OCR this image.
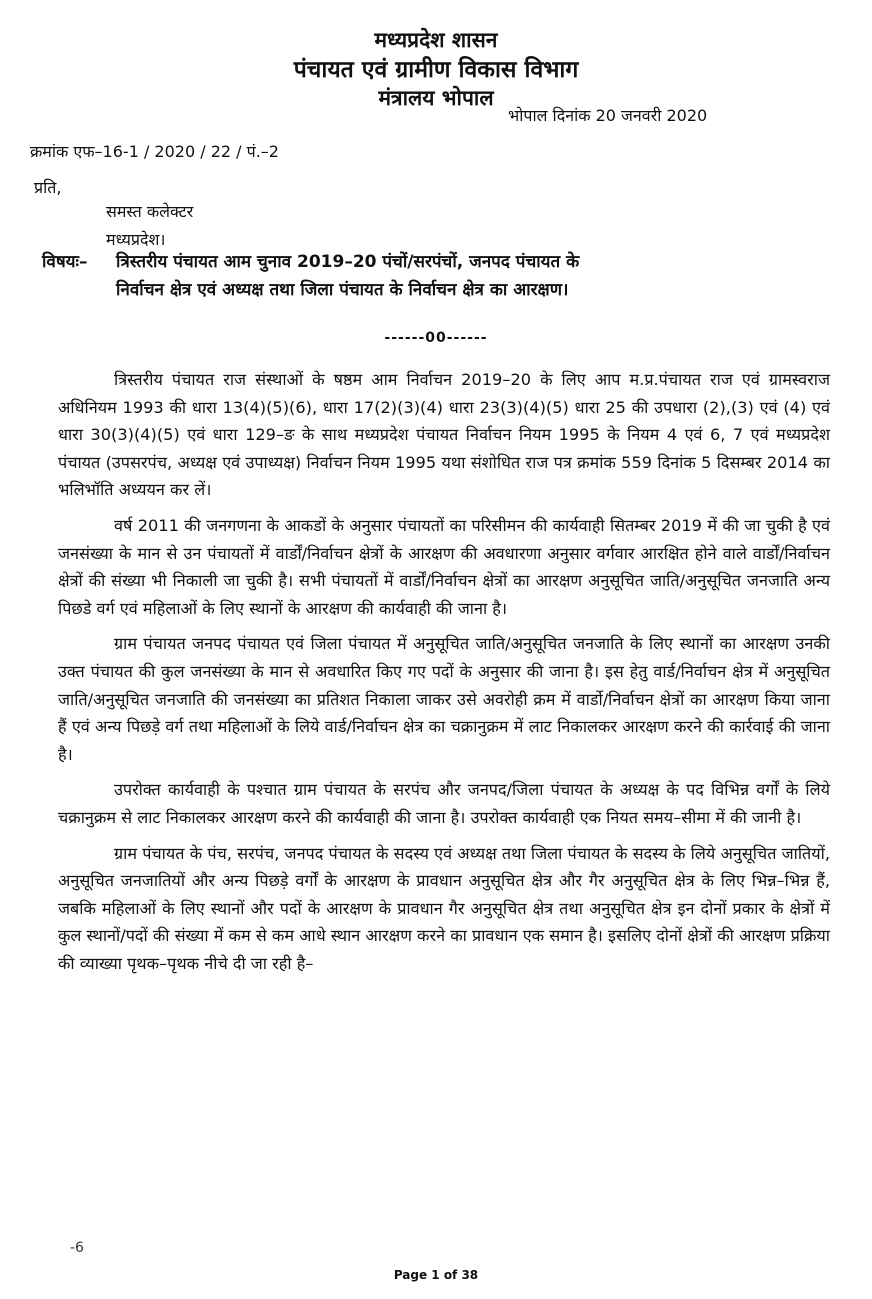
मध्यप्रदेश शासन
पंचायत एवं ग्रामीण विकास विभाग
मंत्रालय भोपाल
भोपाल दिनांक 20 जनवरी 2020
क्रमांक एफ–16-1 / 2020 / 22 / पं.–2
प्रति,
समस्त कलेक्टर
मध्यप्रदेश।
विषयः– त्रिस्तरीय पंचायत आम चुनाव 2019–20 पंचों/सरपंचों, जनपद पंचायत के
निर्वाचन क्षेत्र एवं अध्यक्ष तथा जिला पंचायत के निर्वाचन क्षेत्र का आरक्षण।
------00------

त्रिस्तरीय पंचायत राज संस्थाओं के षष्ठम आम निर्वाचन 2019–20 के लिए आप म.प्र.पंचायत राज एवं ग्रामस्वराज अधिनियम 1993 की धारा 13(4)(5)(6), धारा 17(2)(3)(4) धारा 23(3)(4)(5) धारा 25 की उपधारा (2),(3) एवं (4) एवं धारा 30(3)(4)(5) एवं धारा 129–ङ के साथ मध्यप्रदेश पंचायत निर्वाचन नियम 1995 के नियम 4 एवं 6, 7 एवं मध्यप्रदेश पंचायत (उपसरपंच, अध्यक्ष एवं उपाध्यक्ष) निर्वाचन नियम 1995 यथा संशोधित राज पत्र क्रमांक 559 दिनांक 5 दिसम्बर 2014 का भलिभॉति अध्ययन कर लें।

वर्ष 2011 की जनगणना के आकडों के अनुसार पंचायतों का परिसीमन की कार्यवाही सितम्बर 2019 में की जा चुकी है एवं जनसंख्या के मान से उन पंचायतों में वार्डों/निर्वाचन क्षेत्रों के आरक्षण की अवधारणा अनुसार वर्गवार आरक्षित होने वाले वार्डों/निर्वाचन क्षेत्रों की संख्या भी निकाली जा चुकी है। सभी पंचायतों में वार्डों/निर्वाचन क्षेत्रों का आरक्षण अनुसूचित जाति/अनुसूचित जनजाति अन्य पिछडे वर्ग एवं महिलाओं के लिए स्थानों के आरक्षण की कार्यवाही की जाना है।

ग्राम पंचायत जनपद पंचायत एवं जिला पंचायत में अनुसूचित जाति/अनुसूचित जनजाति के लिए स्थानों का आरक्षण उनकी उक्त पंचायत की कुल जनसंख्या के मान से अवधारित किए गए पदों के अनुसार की जाना है। इस हेतु वार्ड/निर्वाचन क्षेत्र में अनुसूचित जाति/अनुसूचित जनजाति की जनसंख्या का प्रतिशत निकाला जाकर उसे अवरोही क्रम में वार्डो/निर्वाचन क्षेत्रों का आरक्षण किया जाना हैं एवं अन्य पिछड़े वर्ग तथा महिलाओं के लिये वार्ड/निर्वाचन क्षेत्र का चक्रानुक्रम में लाट निकालकर आरक्षण करने की कार्रवाई की जाना है।

उपरोक्त कार्यवाही के पश्चात ग्राम पंचायत के सरपंच और जनपद/जिला पंचायत के अध्यक्ष के पद विभिन्न वर्गों के लिये चक्रानुक्रम से लाट निकालकर आरक्षण करने की कार्यवाही की जाना है। उपरोक्त कार्यवाही एक नियत समय–सीमा में की जानी है।

ग्राम पंचायत के पंच, सरपंच, जनपद पंचायत के सदस्य एवं अध्यक्ष तथा जिला पंचायत के सदस्य के लिये अनुसूचित जातियों, अनुसूचित जनजातियों और अन्य पिछड़े वर्गों के आरक्षण के प्रावधान अनुसूचित क्षेत्र और गैर अनुसूचित क्षेत्र के लिए भिन्न–भिन्न हैं, जबकि महिलाओं के लिए स्थानों और पदों के आरक्षण के प्रावधान गैर अनुसूचित क्षेत्र तथा अनुसूचित क्षेत्र इन दोनों प्रकार के क्षेत्रों में कुल स्थानों/पदों की संख्या में कम से कम आधे स्थान आरक्षण करने का प्रावधान एक समान है। इसलिए दोनों क्षेत्रों की आरक्षण प्रक्रिया की व्याख्या पृथक–पृथक नीचे दी जा रही है–

-6
Page 1 of 38
